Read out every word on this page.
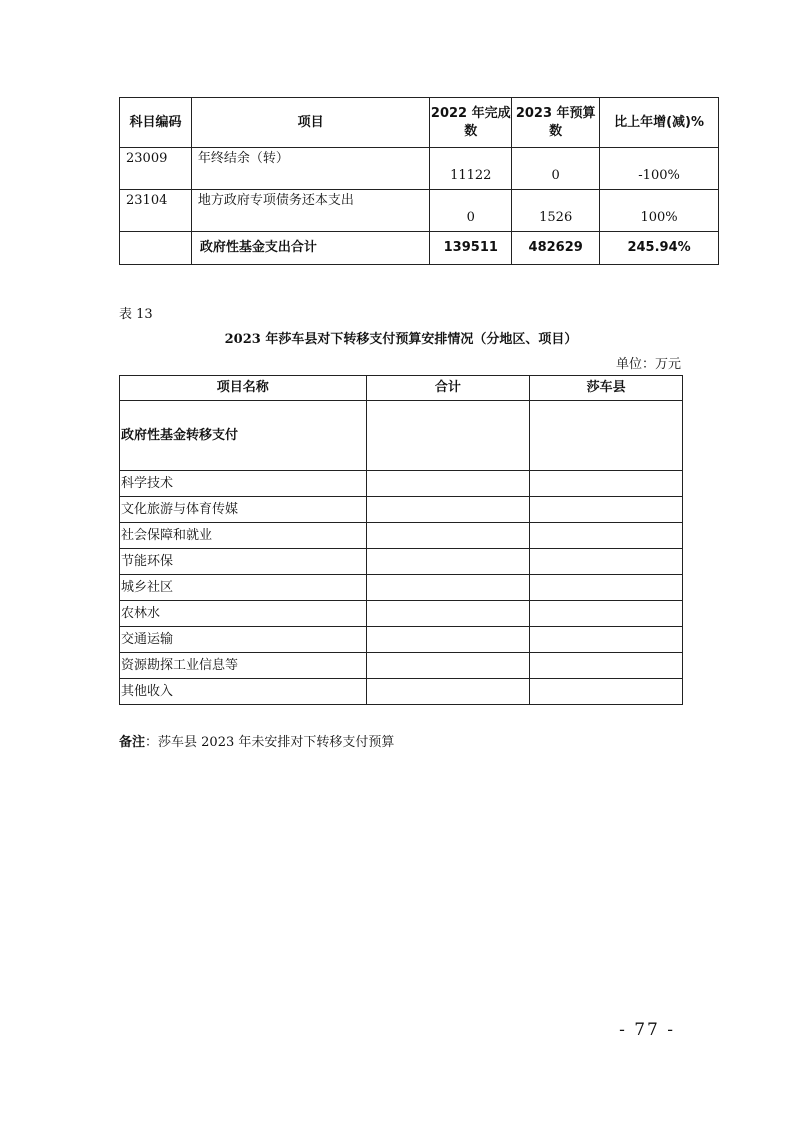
科目编码	项目	2022 年完成数	2023 年预算数	比上年增(减)%
23009	年终结余（转）	11122	0	-100%
23104	地方政府专项债务还本支出	0	1526	100%
	政府性基金支出合计	139511	482629	245.94%
表 13
2023 年莎车县对下转移支付预算安排情况（分地区、项目）
单位：万元
项目名称	合计	莎车县
政府性基金转移支付		
科学技术		
文化旅游与体育传媒		
社会保障和就业		
节能环保		
城乡社区		
农林水		
交通运输		
资源勘探工业信息等		
其他收入		
备注：莎车县 2023 年未安排对下转移支付预算
- 77 -
